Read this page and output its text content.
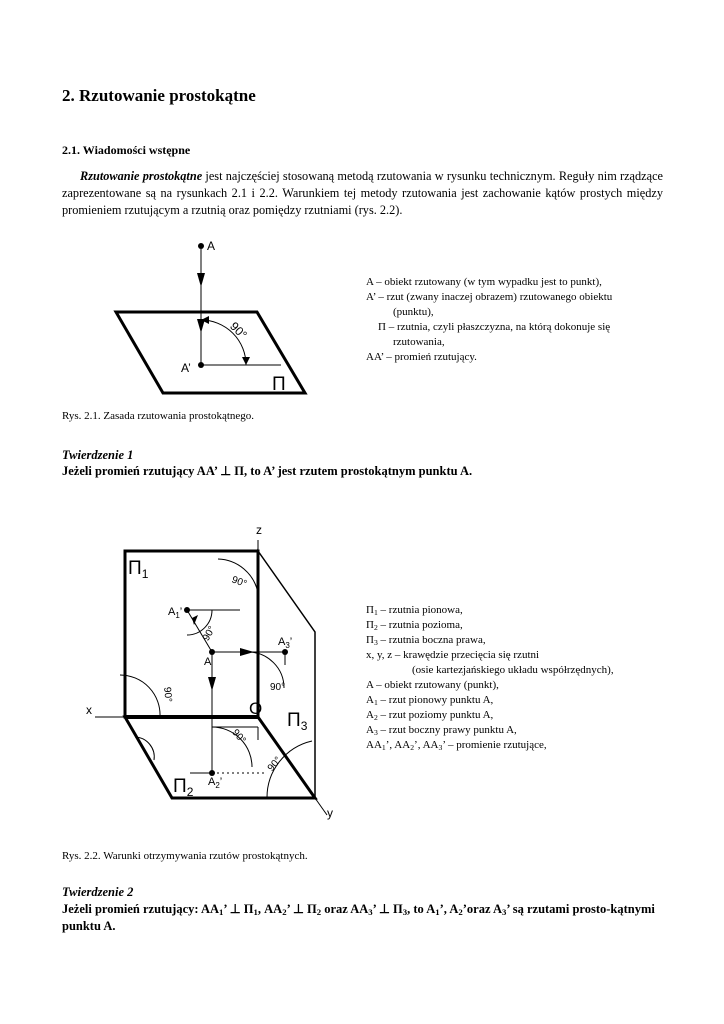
2. Rzutowanie prostokątne
2.1. Wiadomości wstępne
Rzutowanie prostokątne jest najczęściej stosowaną metodą rzutowania w rysunku technicznym. Reguły nim rządzące zaprezentowane są na rysunkach 2.1 i 2.2. Warunkiem tej metody rzutowania jest zachowanie kątów prostych między promieniem rzutującym a rzutnią oraz pomiędzy rzutniami (rys. 2.2).
A
A’
90°
Π
A – obiekt rzutowany (w tym wypadku jest to punkt),
A’ – rzut (zwany inaczej obrazem) rzutowanego obiektu
(punktu),
Π – rzutnia, czyli płaszczyzna, na którą dokonuje się
rzutowania,
AA’ – promień rzutujący.
Rys. 2.1. Zasada rzutowania prostokątnego.
Twierdzenie 1
Jeżeli promień rzutujący AA’ ⊥ Π, to A’ jest rzutem prostokątnym punktu A.
z
x
y
O
A
$A_1$’
$A_3$’
$A_2$’
$\Pi_1$
$\Pi_3$
$\Pi_2$
90°
90°
90°
90°
90°
90°
$\Pi_1$ – rzutnia pionowa,
$\Pi_2$ – rzutnia pozioma,
$\Pi_3$ – rzutnia boczna prawa,
x, y, z – krawędzie przecięcia się rzutni
(osie kartezjańskiego układu współrzędnych),
A – obiekt rzutowany (punkt),
$A_1$ – rzut pionowy punktu A,
$A_2$ – rzut poziomy punktu A,
$A_3$ – rzut boczny prawy punktu A,
$AA_1$’, $AA_2$’, $AA_3$’ – promienie rzutujące,
Rys. 2.2. Warunki otrzymywania rzutów prostokątnych.
Twierdzenie 2
Jeżeli promień rzutujący: $AA_1$’ ⊥ $\Pi_1$, $AA_2$’ ⊥ $\Pi_2$ oraz $AA_3$’ ⊥ $\Pi_3$, to $A_1$’, $A_2’oraz$ $A_3$’ są rzutami prosto-kątnymi punktu A.
